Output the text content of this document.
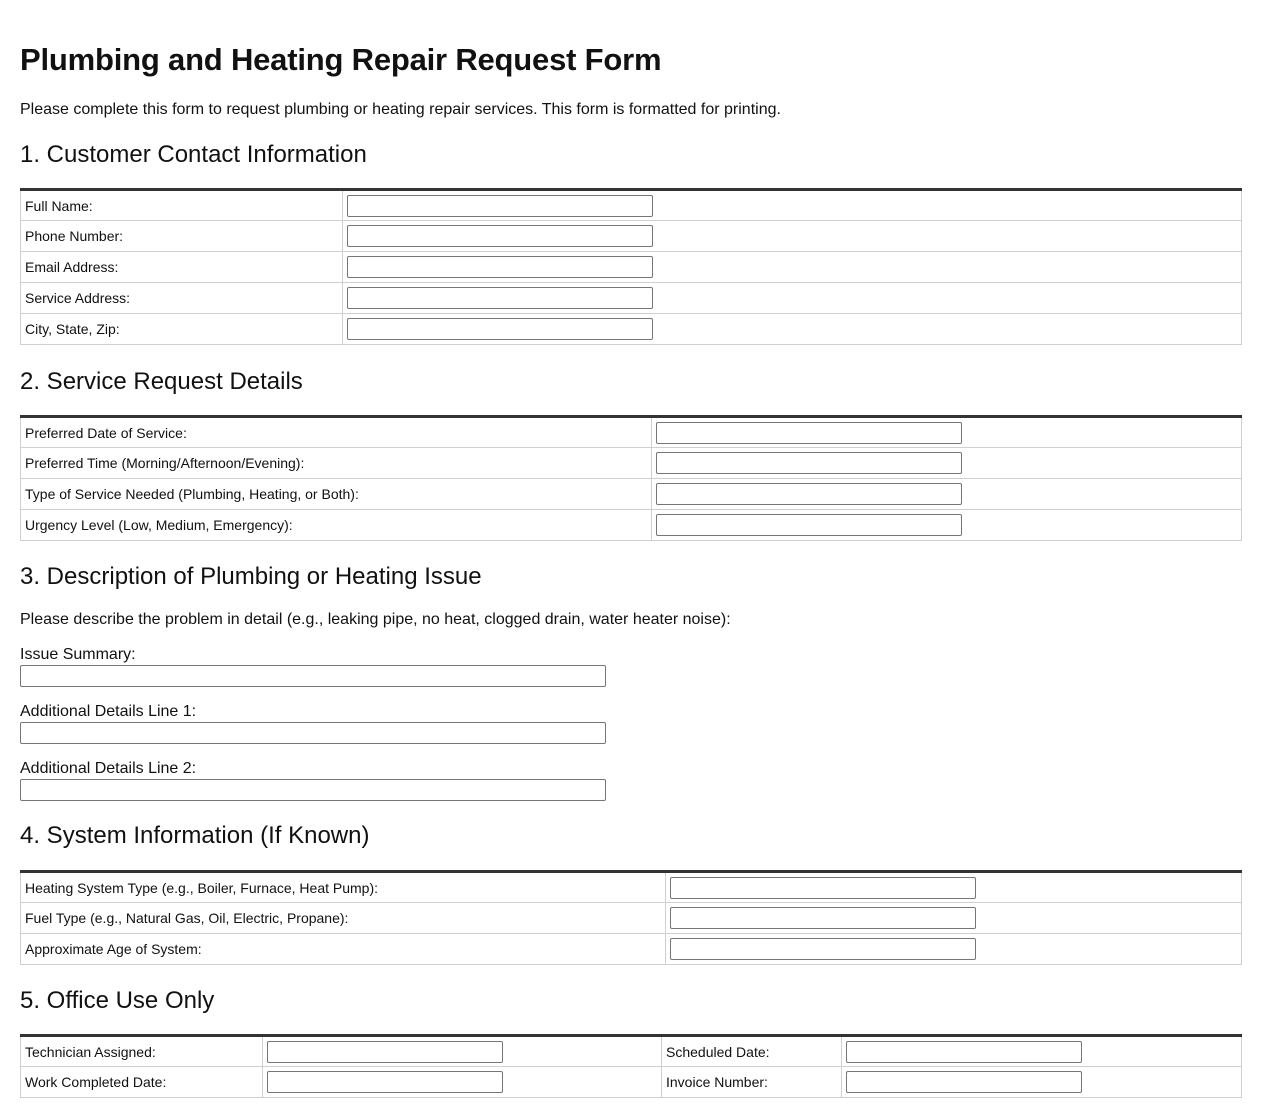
Plumbing and Heating Repair Request Form

Please complete this form to request plumbing or heating repair services. This form is formatted for printing.

1. Customer Contact Information
Full Name:	

Phone Number:	

Email Address:	

Service Address:	

City, State, Zip:	
2. Service Request Details
Preferred Date of Service:	

Preferred Time (Morning/Afternoon/Evening):	

Type of Service Needed (Plumbing, Heating, or Both):	

Urgency Level (Low, Medium, Emergency):	
3. Description of Plumbing or Heating Issue

Please describe the problem in detail (e.g., leaking pipe, no heat, clogged drain, water heater noise):

Issue Summary:
Additional Details Line 1:
Additional Details Line 2:
4. System Information (If Known)
Heating System Type (e.g., Boiler, Furnace, Heat Pump):	

Fuel Type (e.g., Natural Gas, Oil, Electric, Propane):	

Approximate Age of System:	
5. Office Use Only
Technician Assigned:		Scheduled Date:	

Work Completed Date:		Invoice Number:	
